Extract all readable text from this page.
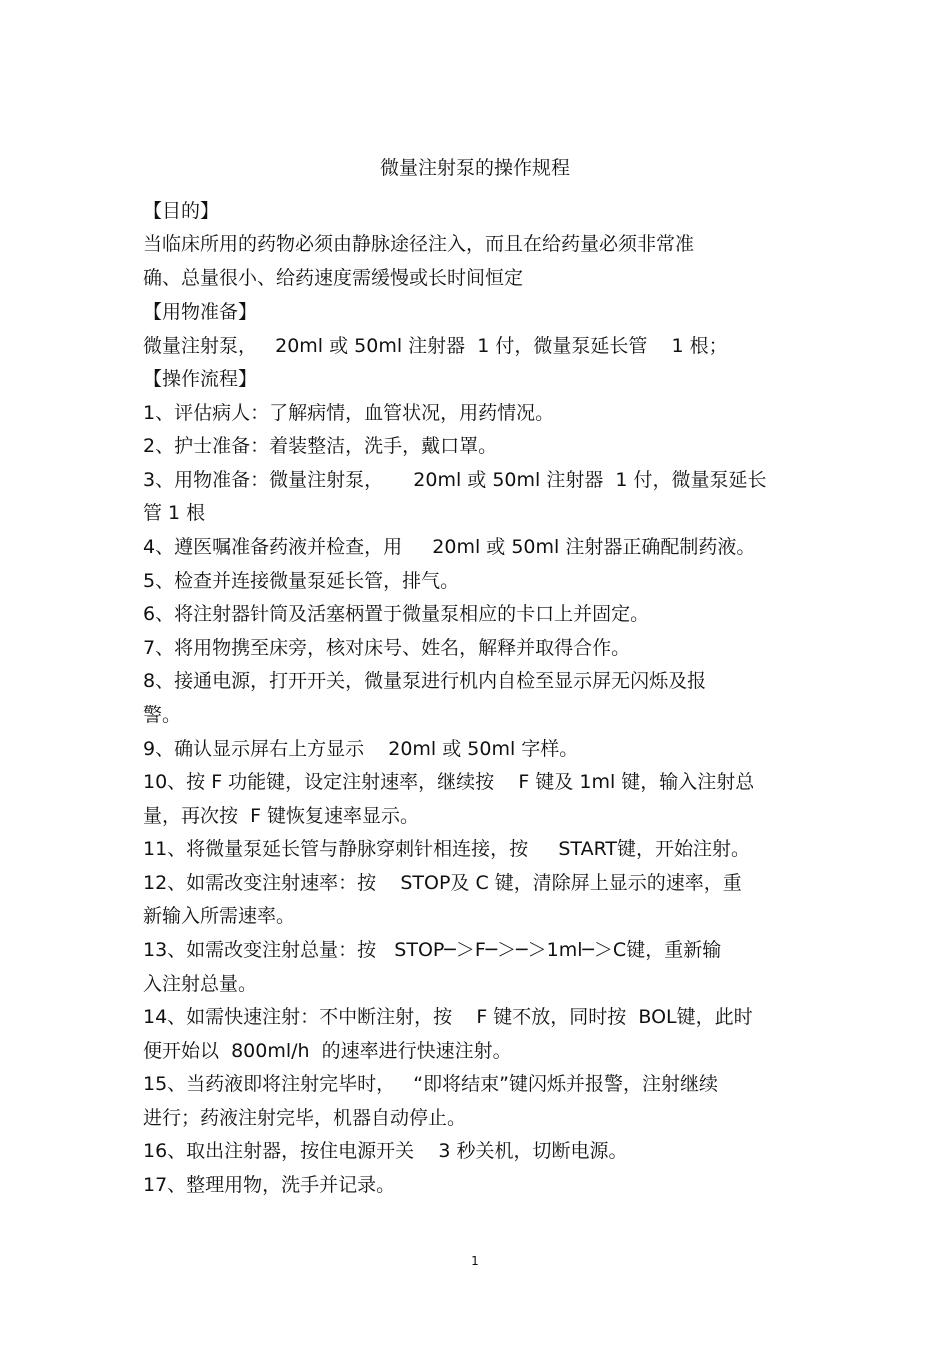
微量注射泵的操作规程
【目的】
当临床所用的药物必须由静脉途径注入，而且在给药量必须非常准
确、总量很小、给药速度需缓慢或长时间恒定
【用物准备】
微量注射泵，   20ml 或 50ml 注射器  1 付，微量泵延长管    1 根；
【操作流程】
1、评估病人：了解病情，血管状况，用药情况。
2、护士准备：着装整洁，洗手，戴口罩。
3、用物准备：微量注射泵，     20ml 或 50ml 注射器  1 付，微量泵延长
管 1 根
4、遵医嘱准备药液并检查，用     20ml 或 50ml 注射器正确配制药液。
5、检查并连接微量泵延长管，排气。
6、将注射器针筒及活塞柄置于微量泵相应的卡口上并固定。
7、将用物携至床旁，核对床号、姓名，解释并取得合作。
8、接通电源，打开开关，微量泵进行机内自检至显示屏无闪烁及报
警。
9、确认显示屏右上方显示    20ml 或 50ml 字样。
10、按 F 功能键，设定注射速率，继续按    F 键及 1ml 键，输入注射总
量，再次按  F 键恢复速率显示。
11、将微量泵延长管与静脉穿刺针相连接，按     START键，开始注射。
12、如需改变注射速率：按    STOP及 C 键，清除屏上显示的速率，重
新输入所需速率。
13、如需改变注射总量：按   STOP─＞F─＞─＞1ml─＞C键，重新输
入注射总量。
14、如需快速注射：不中断注射，按    F 键不放，同时按  BOL键，此时
便开始以  800ml/h  的速率进行快速注射。
15、当药液即将注射完毕时，   “即将结束”键闪烁并报警，注射继续
进行；药液注射完毕，机器自动停止。
16、取出注射器，按住电源开关    3 秒关机，切断电源。
17、整理用物，洗手并记录。
1
